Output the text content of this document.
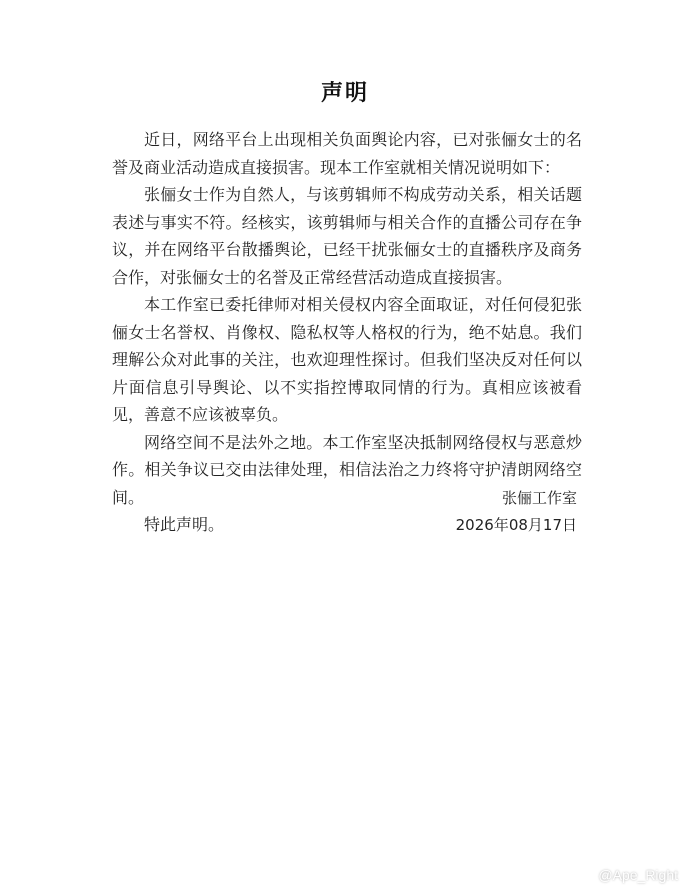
声明

近日，网络平台上出现相关负面舆论内容，已对张俪女士的名誉及商业活动造成直接损害。现本工作室就相关情况说明如下：

张俪女士作为自然人，与该剪辑师不构成劳动关系，相关话题表述与事实不符。经核实，该剪辑师与相关合作的直播公司存在争议，并在网络平台散播舆论，已经干扰张俪女士的直播秩序及商务合作，对张俪女士的名誉及正常经营活动造成直接损害。

本工作室已委托律师对相关侵权内容全面取证，对任何侵犯张俪女士名誉权、肖像权、隐私权等人格权的行为，绝不姑息。我们理解公众对此事的关注，也欢迎理性探讨。但我们坚决反对任何以片面信息引导舆论、以不实指控博取同情的行为。真相应该被看见，善意不应该被辜负。

网络空间不是法外之地。本工作室坚决抵制网络侵权与恶意炒作。相关争议已交由法律处理，相信法治之力终将守护清朗网络空间。

特此声明。

张俪工作室
2026年08月17日
@Ape_Right
